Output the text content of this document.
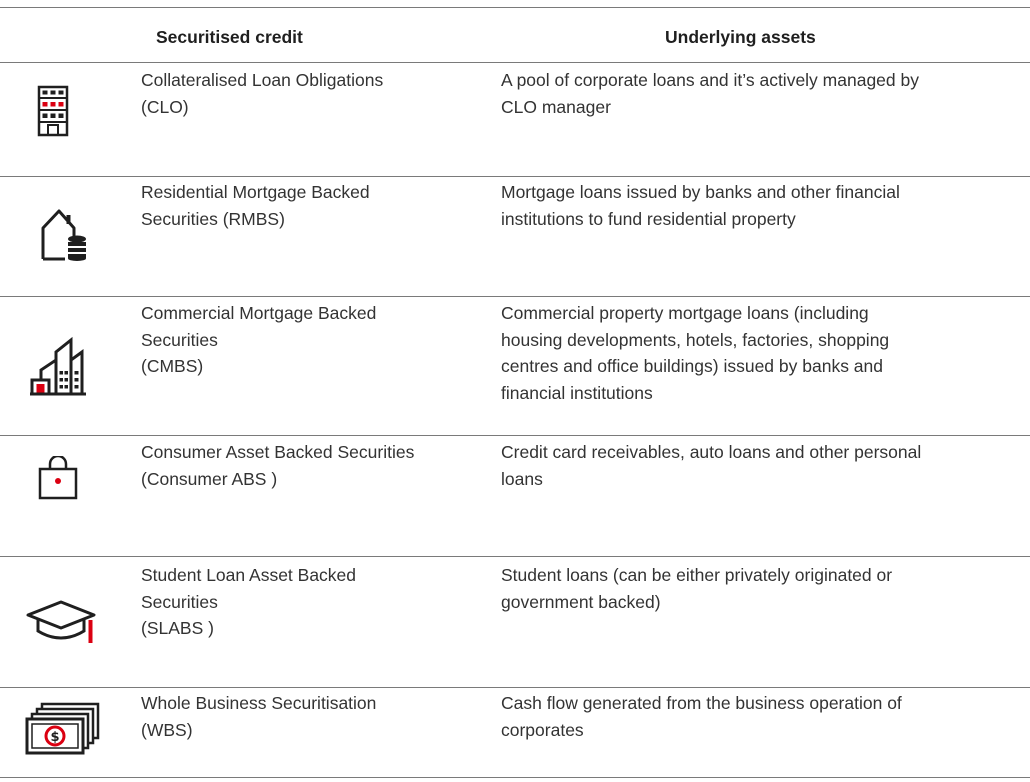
Securitised credit	Underlying assets
Collateralised Loan Obligations
(CLO)
A pool of corporate loans and it’s actively managed by
CLO manager
Residential Mortgage Backed
Securities (RMBS)
Mortgage loans issued by banks and other financial
institutions to fund residential property
Commercial Mortgage Backed
Securities
(CMBS)
Commercial property mortgage loans (including
housing developments, hotels, factories, shopping
centres and office buildings) issued by banks and
financial institutions
Consumer Asset Backed Securities
(Consumer ABS )
Credit card receivables, auto loans and other personal
loans
Student Loan Asset Backed
Securities
(SLABS )
Student loans (can be either privately originated or
government backed)
$
Whole Business Securitisation
(WBS)
Cash flow generated from the business operation of
corporates
